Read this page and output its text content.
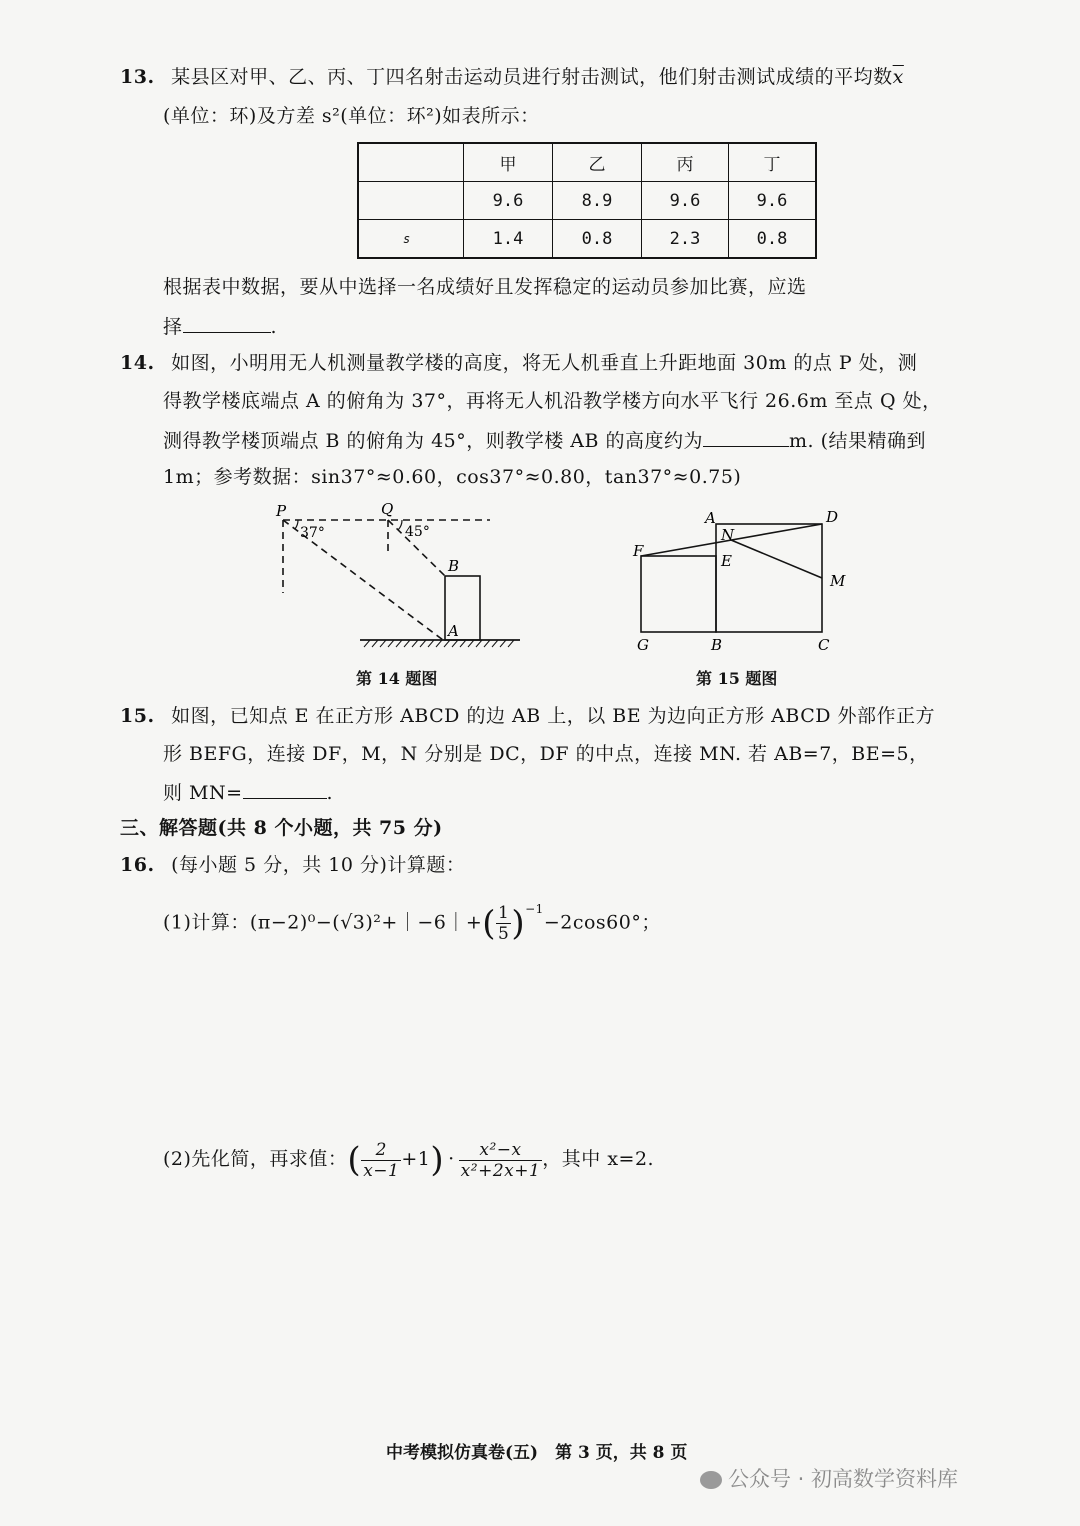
13. 某县区对甲、乙、丙、丁四名射击运动员进行射击测试，他们射击测试成绩的平均数$\overline{x}$
(单位：环)及方差 s²(单位：环²)如表所示：
	甲	乙	丙	丁
	9.6	8.9	9.6	9.6
s	1.4	0.8	2.3	0.8
根据表中数据，要从中选择一名成绩好且发挥稳定的运动员参加比赛，应选
择	.
14. 如图，小明用无人机测量教学楼的高度，将无人机垂直上升距地面 30m 的点 P 处，测
得教学楼底端点 A 的俯角为 37°，再将无人机沿教学楼方向水平飞行 26.6m 至点 Q 处，
测得教学楼顶端点 B 的俯角为 45°，则教学楼 AB 的高度约为	m. (结果精确到
1m；参考数据：sin37°≈0.60，cos37°≈0.80，tan37°≈0.75)
P	Q
37°	45°
B
A
第 14 题图
A	D
N
F
E
M
G	B	C
第 15 题图
15. 如图，已知点 E 在正方形 ABCD 的边 AB 上，以 BE 为边向正方形 ABCD 外部作正方
形 BEFG，连接 DF，M，N 分别是 DC，DF 的中点，连接 MN. 若 AB=7，BE=5，
则 MN=	.
三、解答题(共 8 个小题，共 75 分)
16. (每小题 5 分，共 10 分)计算题：
(1)计算：(π−2)⁰−(√3)²+｜−6｜+( $\frac{1}{5} )^{-1}-2\cos 60^\circ$；
(2)先化简，再求值：( $\frac{2}{x-1} +1) \cdot \frac{\text{x²−x}}{\text{x²+2x+1}}$ ，其中 x=2.
中考模拟仿真卷(五)　第 3 页，共 8 页
公众号 · 初高数学资料库
